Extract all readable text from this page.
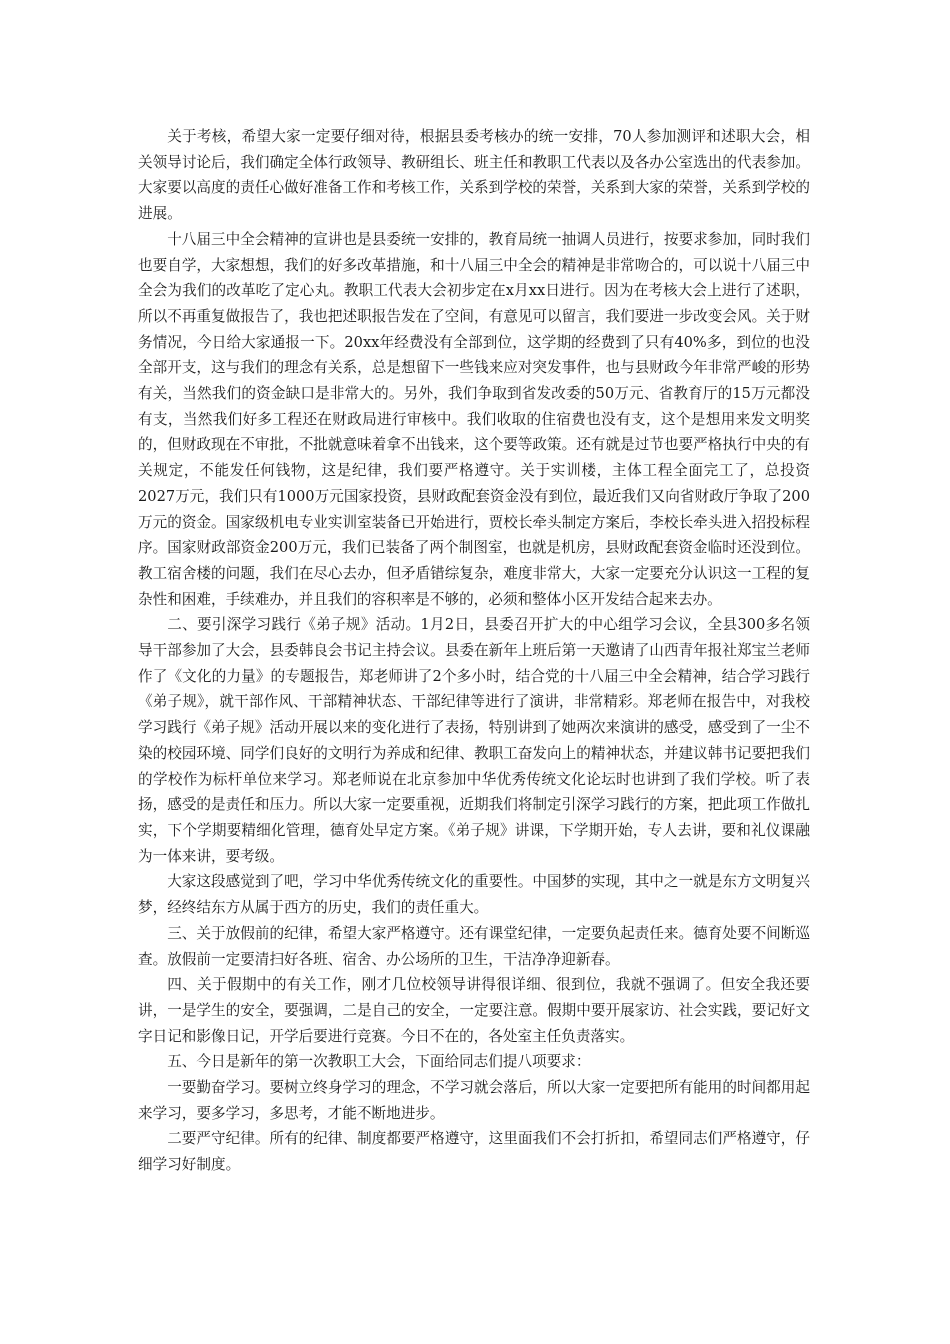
关于考核，希望大家一定要仔细对待，根据县委考核办的统一安排，70人参加测评和述职大会，相关领导讨论后，我们确定全体行政领导、教研组长、班主任和教职工代表以及各办公室选出的代表参加。大家要以高度的责任心做好准备工作和考核工作，关系到学校的荣誉，关系到大家的荣誉，关系到学校的进展。

十八届三中全会精神的宣讲也是县委统一安排的，教育局统一抽调人员进行，按要求参加，同时我们也要自学，大家想想，我们的好多改革措施，和十八届三中全会的精神是非常吻合的，可以说十八届三中全会为我们的改革吃了定心丸。教职工代表大会初步定在x月xx日进行。因为在考核大会上进行了述职，所以不再重复做报告了，我也把述职报告发在了空间，有意见可以留言，我们要进一步改变会风。关于财务情况，今日给大家通报一下。20xx年经费没有全部到位，这学期的经费到了只有40%多，到位的也没全部开支，这与我们的理念有关系，总是想留下一些钱来应对突发事件，也与县财政今年非常严峻的形势有关，当然我们的资金缺口是非常大的。另外，我们争取到省发改委的50万元、省教育厅的15万元都没有支，当然我们好多工程还在财政局进行审核中。我们收取的住宿费也没有支，这个是想用来发文明奖的，但财政现在不审批，不批就意味着拿不出钱来，这个要等政策。还有就是过节也要严格执行中央的有关规定，不能发任何钱物，这是纪律，我们要严格遵守。关于实训楼，主体工程全面完工了，总投资2027万元，我们只有1000万元国家投资，县财政配套资金没有到位，最近我们又向省财政厅争取了200万元的资金。国家级机电专业实训室装备已开始进行，贾校长牵头制定方案后，李校长牵头进入招投标程序。国家财政部资金200万元，我们已装备了两个制图室，也就是机房，县财政配套资金临时还没到位。教工宿舍楼的问题，我们在尽心去办，但矛盾错综复杂，难度非常大，大家一定要充分认识这一工程的复杂性和困难，手续难办，并且我们的容积率是不够的，必须和整体小区开发结合起来去办。

二、要引深学习践行《弟子规》活动。1月2日，县委召开扩大的中心组学习会议，全县300多名领导干部参加了大会，县委韩良会书记主持会议。县委在新年上班后第一天邀请了山西青年报社郑宝兰老师作了《文化的力量》的专题报告，郑老师讲了2个多小时，结合党的十八届三中全会精神，结合学习践行《弟子规》，就干部作风、干部精神状态、干部纪律等进行了演讲，非常精彩。郑老师在报告中，对我校学习践行《弟子规》活动开展以来的变化进行了表扬，特别讲到了她两次来演讲的感受，感受到了一尘不染的校园环境、同学们良好的文明行为养成和纪律、教职工奋发向上的精神状态，并建议韩书记要把我们的学校作为标杆单位来学习。郑老师说在北京参加中华优秀传统文化论坛时也讲到了我们学校。听了表扬，感受的是责任和压力。所以大家一定要重视，近期我们将制定引深学习践行的方案，把此项工作做扎实，下个学期要精细化管理，德育处早定方案。《弟子规》讲课，下学期开始，专人去讲，要和礼仪课融为一体来讲，要考级。

大家这段感觉到了吧，学习中华优秀传统文化的重要性。中国梦的实现，其中之一就是东方文明复兴梦，经终结东方从属于西方的历史，我们的责任重大。

三、关于放假前的纪律，希望大家严格遵守。还有课堂纪律，一定要负起责任来。德育处要不间断巡查。放假前一定要清扫好各班、宿舍、办公场所的卫生，干洁净净迎新春。

四、关于假期中的有关工作，刚才几位校领导讲得很详细、很到位，我就不强调了。但安全我还要讲，一是学生的安全，要强调，二是自己的安全，一定要注意。假期中要开展家访、社会实践，要记好文字日记和影像日记，开学后要进行竞赛。今日不在的，各处室主任负责落实。

五、今日是新年的第一次教职工大会，下面给同志们提八项要求：

一要勤奋学习。要树立终身学习的理念，不学习就会落后，所以大家一定要把所有能用的时间都用起来学习，要多学习，多思考，才能不断地进步。

二要严守纪律。所有的纪律、制度都要严格遵守，这里面我们不会打折扣，希望同志们严格遵守，仔细学习好制度。
